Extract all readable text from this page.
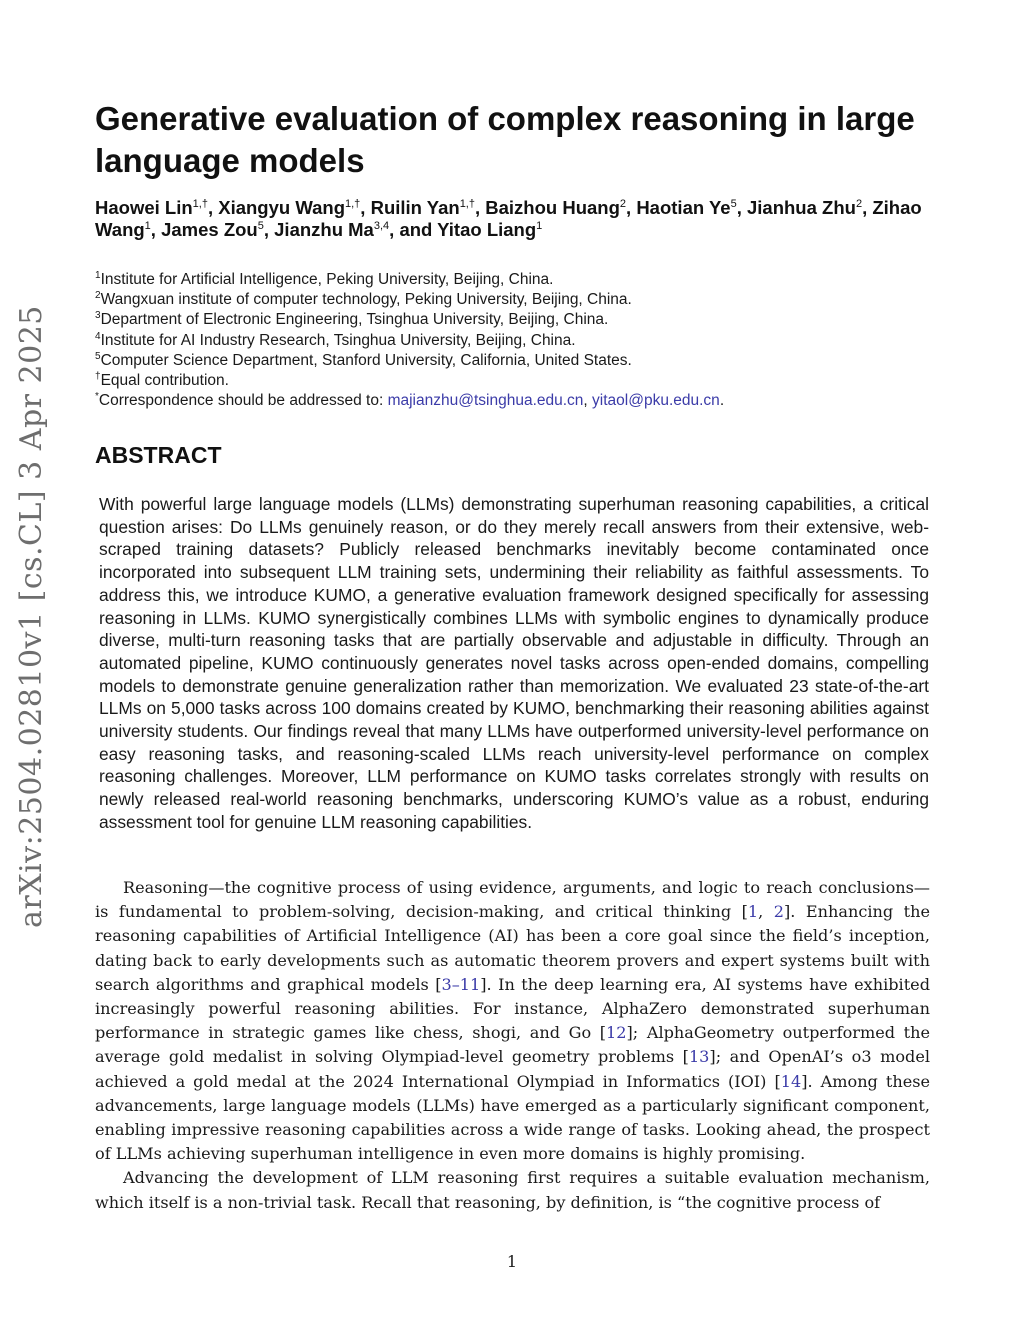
arXiv:2504.02810v1 [cs.CL] 3 Apr 2025
Generative evaluation of complex reasoning in large language models
Haowei Lin$^{1,\dagger}$, Xiangyu Wang$^{1,\dagger}$, Ruilin Yan$^{1,\dagger}$, Baizhou Huang$^2$, Haotian Ye$^5$, Jianhua Zhu$^2$, Zihao Wang$^1$, James Zou$^5$, Jianzhu Ma$^{3,4}$, and Yitao Liang$^1$
$^1$Institute for Artificial Intelligence, Peking University, Beijing, China.
$^2$Wangxuan institute of computer technology, Peking University, Beijing, China.
$^3$Department of Electronic Engineering, Tsinghua University, Beijing, China.
$^4$Institute for AI Industry Research, Tsinghua University, Beijing, China.
$^5$Computer Science Department, Stanford University, California, United States.
†Equal contribution.
*Correspondence should be addressed to: majianzhu@tsinghua.edu.cn, yitaol@pku.edu.cn.
ABSTRACT
With powerful large language models (LLMs) demonstrating superhuman reasoning capabilities, a critical question arises: Do LLMs genuinely reason, or do they merely recall answers from their extensive, web-scraped training datasets? Publicly released benchmarks inevitably become contaminated once incorporated into subsequent LLM training sets, undermining their reliability as faithful assessments. To address this, we introduce KUMO, a generative evaluation framework designed specifically for assessing reasoning in LLMs. KUMO synergistically combines LLMs with symbolic engines to dynamically produce diverse, multi-turn reasoning tasks that are partially observable and adjustable in difficulty. Through an automated pipeline, KUMO continuously generates novel tasks across open-ended domains, compelling models to demonstrate genuine generalization rather than memorization. We evaluated 23 state-of-the-art LLMs on 5,000 tasks across 100 domains created by KUMO, benchmarking their reasoning abilities against university students. Our findings reveal that many LLMs have outperformed university-level performance on easy reasoning tasks, and reasoning-scaled LLMs reach university-level performance on complex reasoning challenges. Moreover, LLM performance on KUMO tasks correlates strongly with results on newly released real-world reasoning benchmarks, underscoring KUMO’s value as a robust, enduring assessment tool for genuine LLM reasoning capabilities.

Reasoning—the cognitive process of using evidence, arguments, and logic to reach conclusions—is fundamental to problem-solving, decision-making, and critical thinking [1, 2]. Enhancing the reasoning capabilities of Artificial Intelligence (AI) has been a core goal since the field’s inception, dating back to early developments such as automatic theorem provers and expert systems built with search algorithms and graphical models [3–11]. In the deep learning era, AI systems have exhibited increasingly powerful reasoning abilities. For instance, AlphaZero demonstrated superhuman performance in strategic games like chess, shogi, and Go [12]; AlphaGeometry outperformed the average gold medalist in solving Olympiad-level geometry problems [13]; and OpenAI’s o3 model achieved a gold medal at the 2024 International Olympiad in Informatics (IOI) [14]. Among these advancements, large language models (LLMs) have emerged as a particularly significant component, enabling impressive reasoning capabilities across a wide range of tasks. Looking ahead, the prospect of LLMs achieving superhuman intelligence in even more domains is highly promising.

Advancing the development of LLM reasoning first requires a suitable evaluation mechanism, which itself is a non-trivial task. Recall that reasoning, by definition, is “the cognitive process of

1
